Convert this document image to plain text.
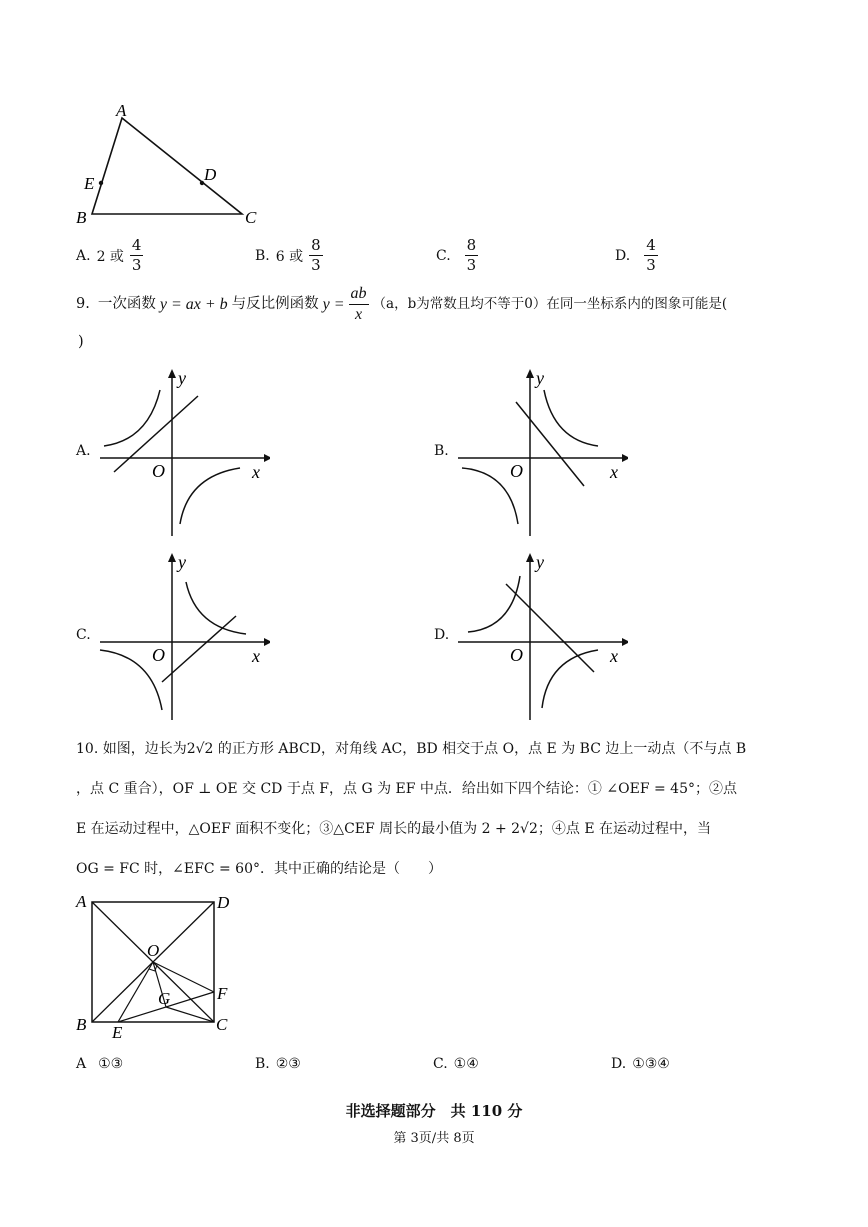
A
E	D
B	C
A. 2 或 $\frac{4}{3}$	B. 6 或 $\frac{8}{3}$	C. $\frac{8}{3}$	D. $\frac{4}{3}$
9. 一次函数 y = ax + b 与反比例函数 $y = \frac{ab}{x} (a$，b为常数且均不等于0）在同一坐标系内的图象可能是(
)
A.
y
x
O
B.
y
x
O
C.
y
x
O
D.
y
x
O
10. 如图，边长为2√2 的正方形 ABCD，对角线 AC，BD 相交于点 O，点 E 为 BC 边上一动点（不与点 B
，点 C 重合），OF ⊥ OE 交 CD 于点 F，点 G 为 EF 中点．给出如下四个结论：① ∠OEF = 45°；②点
E 在运动过程中，△OEF 面积不变化；③△CEF 周长的最小值为 2 + 2√2；④点 E 在运动过程中，当
OG = FC 时，∠EFC = 60°．其中正确的结论是（　　）
A	D
O
F
G
B E	C
A ①③	B. ②③	C. ①④	D. ①③④
非选择题部分　共 110 分
第 3页/共 8页
